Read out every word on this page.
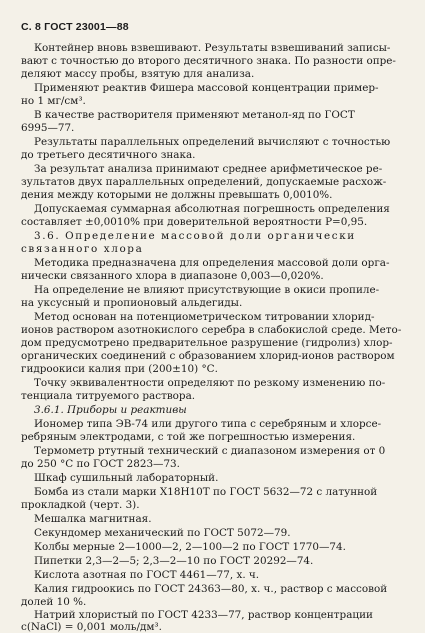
С. 8 ГОСТ 23001—88
Контейнер вновь взвешивают. Результаты взвешиваний записы-
вают с точностью до второго десятичного знака. По разности опре-
деляют массу пробы, взятую для анализа.
Применяют реактив Фишера массовой концентрации пример-
но 1 мг/см³.
В качестве растворителя применяют метанол-яд по ГОСТ
6995—77.
Результаты параллельных определений вычисляют с точностью
до третьего десятичного знака.
За результат анализа принимают среднее арифметическое ре-
зультатов двух параллельных определений, допускаемые расхож-
дения между которыми не должны превышать 0,0010%.
Допускаемая суммарная абсолютная погрешность определения
составляет ±0,0010% при доверительной вероятности P=0,95.
3.6. Определение массовой доли органически
связанного хлора
Методика предназначена для определения массовой доли орга-
нически связанного хлора в диапазоне 0,003—0,020%.
На определение не влияют присутствующие в окиси пропиле-
на уксусный и пропионовый альдегиды.
Метод основан на потенциометрическом титровании хлорид-
ионов раствором азотнокислого серебра в слабокислой среде. Мето-
дом предусмотрено предварительное разрушение (гидролиз) хлор-
органических соединений с образованием хлорид-ионов раствором
гидроокиси калия при (200±10) °С.
Точку эквивалентности определяют по резкому изменению по-
тенциала титруемого раствора.
3.6.1. Приборы и реактивы
Иономер типа ЭВ-74 или другого типа с серебряным и хлорсе-
ребряным электродами, с той же погрешностью измерения.
Термометр ртутный технический с диапазоном измерения от 0
до 250 °С по ГОСТ 2823—73.
Шкаф сушильный лабораторный.
Бомба из стали марки Х18Н10Т по ГОСТ 5632—72 с латунной
прокладкой (черт. 3).
Мешалка магнитная.
Секундомер механический по ГОСТ 5072—79.
Колбы мерные 2—1000—2, 2—100—2 по ГОСТ 1770—74.
Пипетки 2,3—2—5; 2,3—2—10 по ГОСТ 20292—74.
Кислота азотная по ГОСТ 4461—77, х. ч.
Калия гидроокись по ГОСТ 24363—80, х. ч., раствор с массовой
долей 10 %.
Натрий хлористый по ГОСТ 4233—77, раствор концентрации
c(NaCl) = 0,001 моль/дм³.
